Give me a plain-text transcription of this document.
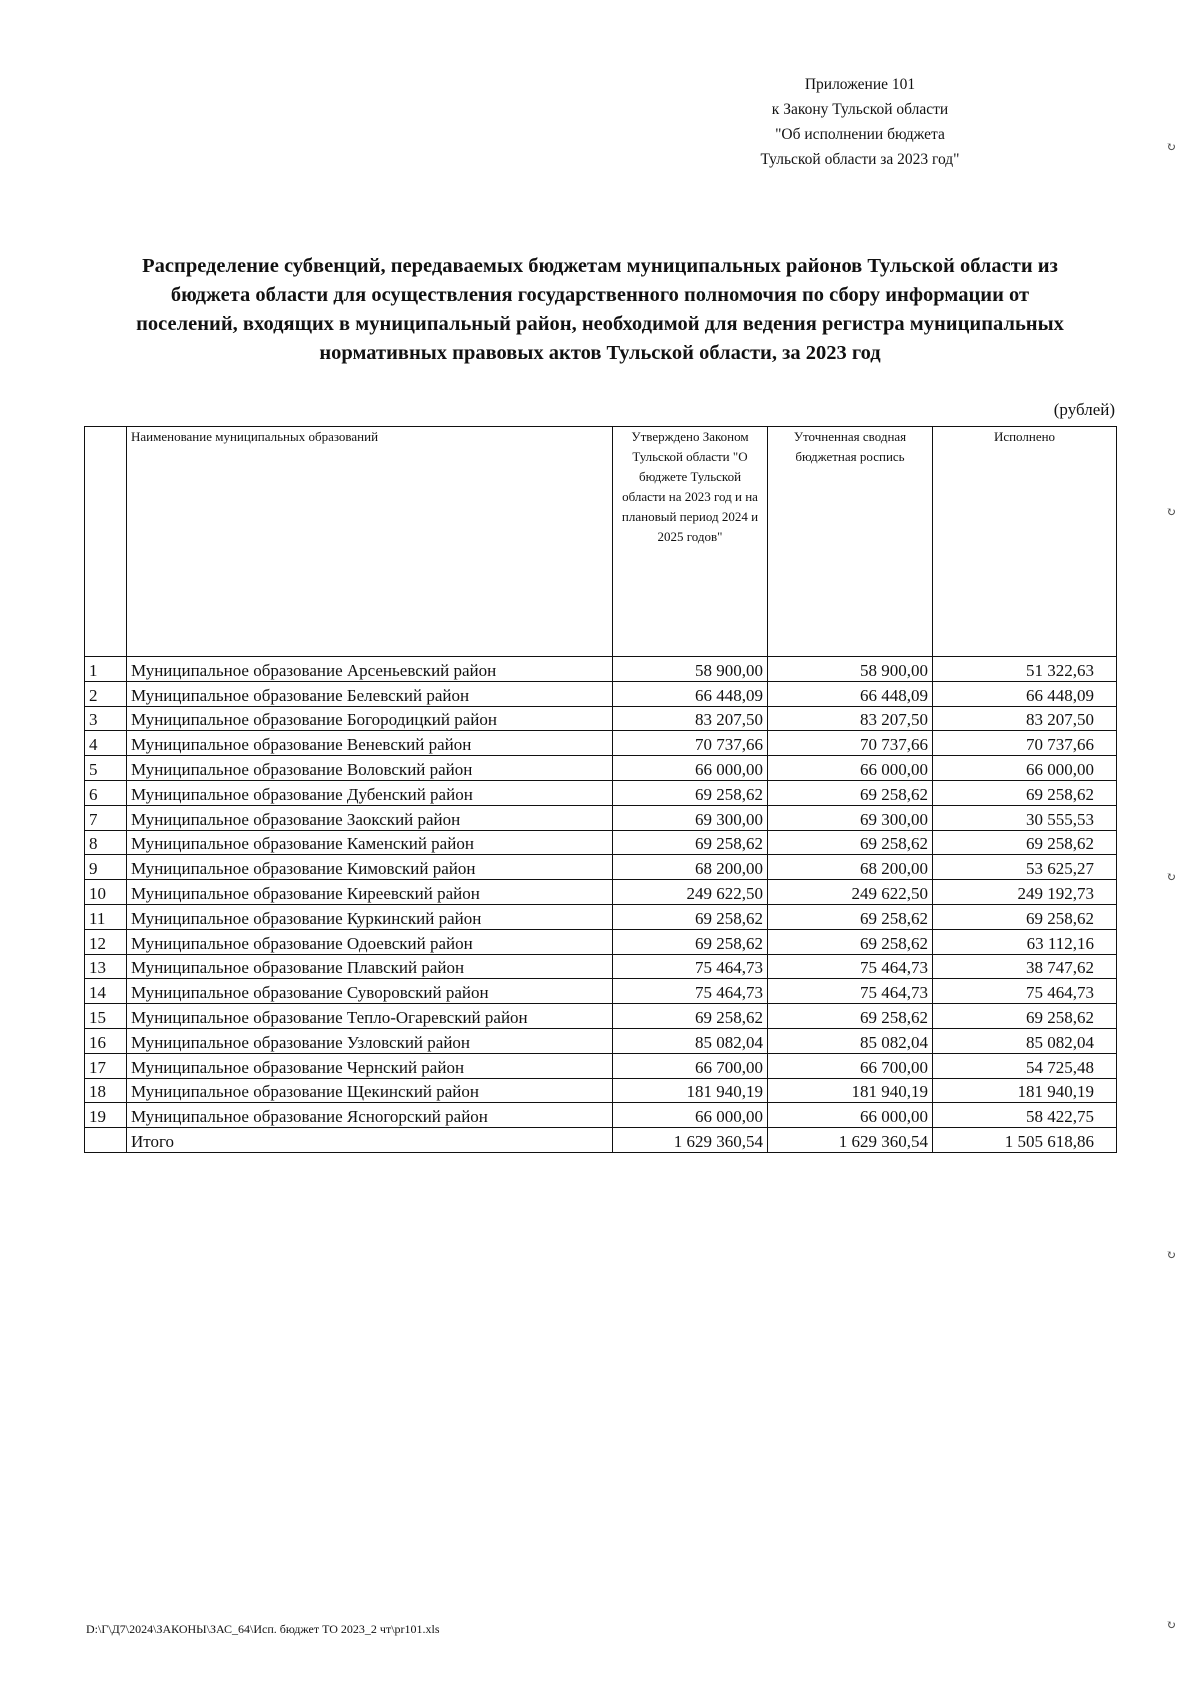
Приложение 101
к Закону Тульской области
"Об исполнении бюджета
Тульской области за 2023 год"
↻
↻
↻
↻
↻
Распределение субвенций, передаваемых бюджетам муниципальных районов Тульской области из
бюджета области для осуществления государственного полномочия по сбору информации от
поселений, входящих в муниципальный район, необходимой для ведения регистра муниципальных
нормативных правовых актов Тульской области, за 2023 год
(рублей)
	Наименование муниципальных образований	Утверждено Законом Тульской области "О бюджете Тульской области на 2023 год и на плановый период 2024 и 2025 годов"	Уточненная сводная бюджетная роспись	Исполнено
1	Муниципальное образование Арсеньевский район	58 900,00	58 900,00	51 322,63
2	Муниципальное образование Белевский район	66 448,09	66 448,09	66 448,09
3	Муниципальное образование Богородицкий район	83 207,50	83 207,50	83 207,50
4	Муниципальное образование Веневский район	70 737,66	70 737,66	70 737,66
5	Муниципальное образование Воловский район	66 000,00	66 000,00	66 000,00
6	Муниципальное образование Дубенский район	69 258,62	69 258,62	69 258,62
7	Муниципальное образование Заокский район	69 300,00	69 300,00	30 555,53
8	Муниципальное образование Каменский район	69 258,62	69 258,62	69 258,62
9	Муниципальное образование Кимовский район	68 200,00	68 200,00	53 625,27
10	Муниципальное образование Киреевский район	249 622,50	249 622,50	249 192,73
11	Муниципальное образование Куркинский район	69 258,62	69 258,62	69 258,62
12	Муниципальное образование Одоевский район	69 258,62	69 258,62	63 112,16
13	Муниципальное образование Плавский район	75 464,73	75 464,73	38 747,62
14	Муниципальное образование Суворовский район	75 464,73	75 464,73	75 464,73
15	Муниципальное образование Тепло-Огаревский район	69 258,62	69 258,62	69 258,62
16	Муниципальное образование Узловский район	85 082,04	85 082,04	85 082,04
17	Муниципальное образование Чернский район	66 700,00	66 700,00	54 725,48
18	Муниципальное образование Щекинский район	181 940,19	181 940,19	181 940,19
19	Муниципальное образование Ясногорский район	66 000,00	66 000,00	58 422,75
	Итого	1 629 360,54	1 629 360,54	1 505 618,86
D:\Г\Д7\2024\ЗАКОНЫ\ЗАС_64\Исп. бюджет ТО 2023_2 чт\pr101.xls
